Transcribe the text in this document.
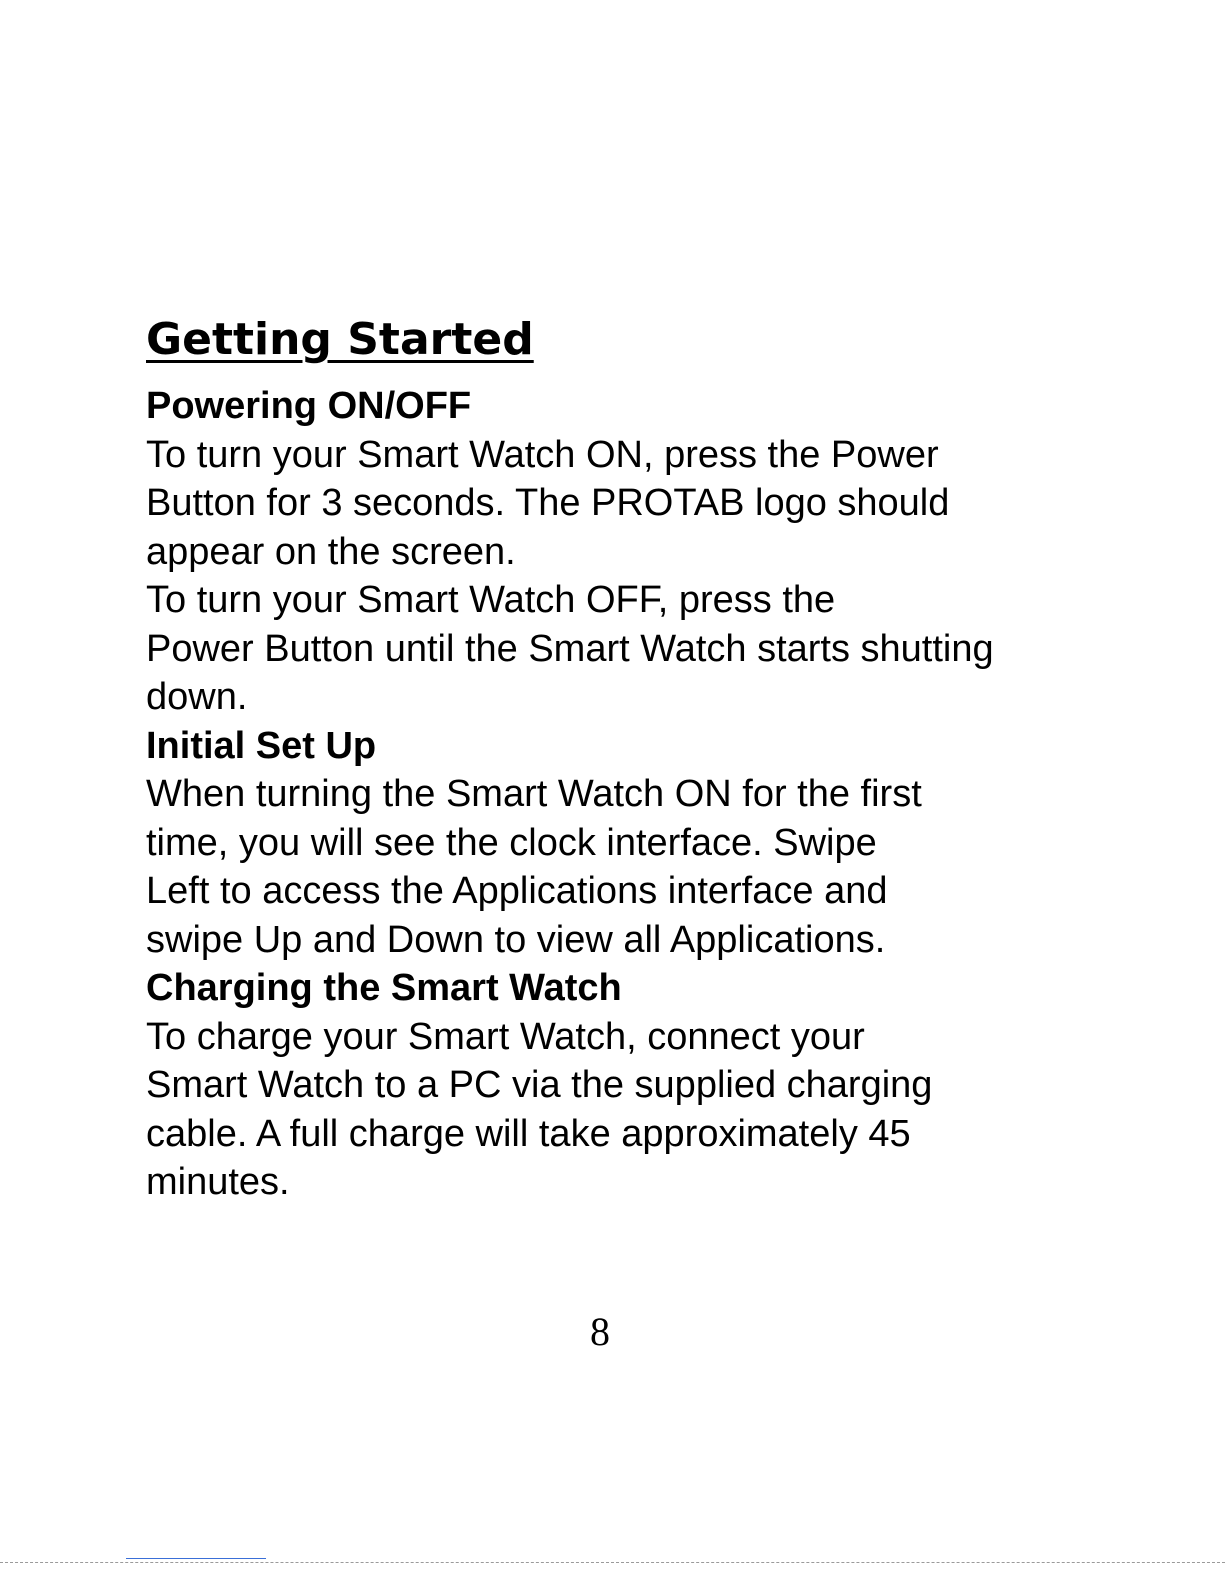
Getting Started

Powering ON/OFF

To turn your Smart Watch ON, press the Power

Button for 3 seconds. The PROTAB logo should

appear on the screen.

To turn your Smart Watch OFF, press the

Power Button until the Smart Watch starts shutting

down.

Initial Set Up

When turning the Smart Watch ON for the first

time, you will see the clock interface. Swipe

Left to access the Applications interface and

swipe Up and Down to view all Applications.

Charging the Smart Watch

To charge your Smart Watch, connect your

Smart Watch to a PC via the supplied charging

cable. A full charge will take approximately 45

minutes.

8
